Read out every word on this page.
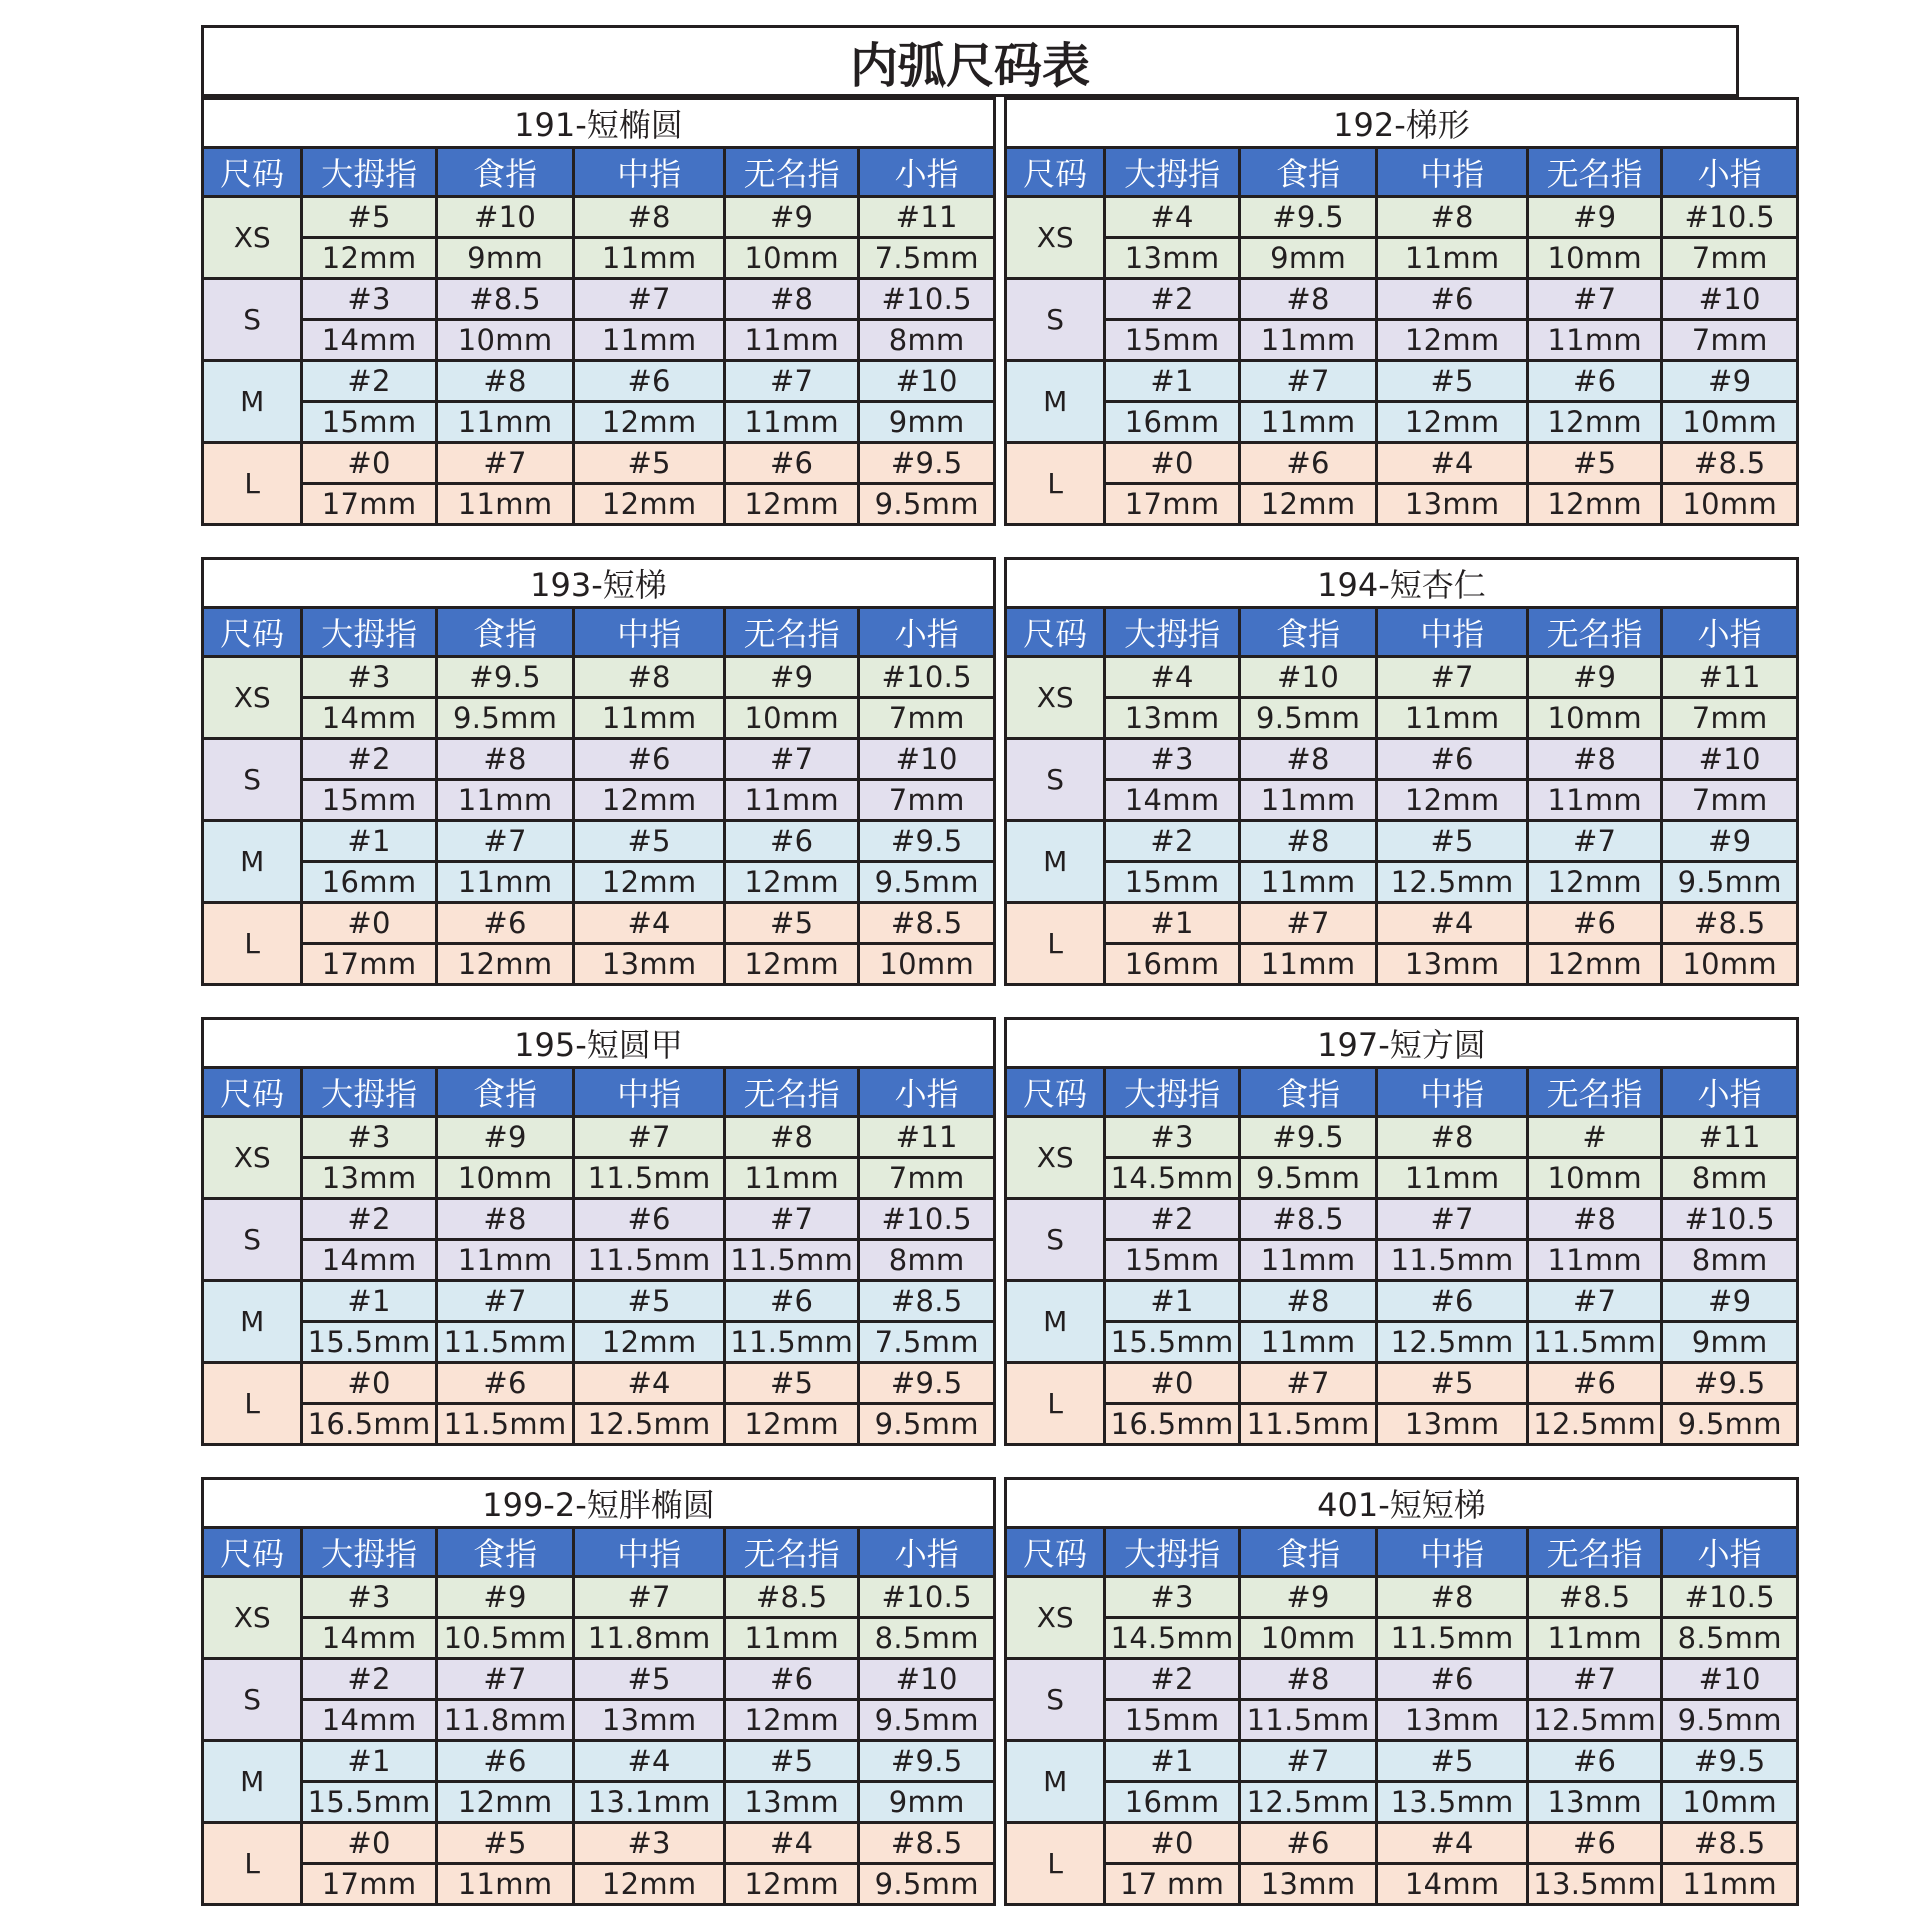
内弧尺码表
191-短椭圆					
尺码	大拇指	食指	中指	无名指	小指
XS	#5	#10	#8	#9	#11
	12mm	9mm	11mm	10mm	7.5mm
S	#3	#8.5	#7	#8	#10.5
	14mm	10mm	11mm	11mm	8mm
M	#2	#8	#6	#7	#10
	15mm	11mm	12mm	11mm	9mm
L	#0	#7	#5	#6	#9.5
	17mm	11mm	12mm	12mm	9.5mm
192-梯形					
尺码	大拇指	食指	中指	无名指	小指
XS	#4	#9.5	#8	#9	#10.5
	13mm	9mm	11mm	10mm	7mm
S	#2	#8	#6	#7	#10
	15mm	11mm	12mm	11mm	7mm
M	#1	#7	#5	#6	#9
	16mm	11mm	12mm	12mm	10mm
L	#0	#6	#4	#5	#8.5
	17mm	12mm	13mm	12mm	10mm
193-短梯					
尺码	大拇指	食指	中指	无名指	小指
XS	#3	#9.5	#8	#9	#10.5
	14mm	9.5mm	11mm	10mm	7mm
S	#2	#8	#6	#7	#10
	15mm	11mm	12mm	11mm	7mm
M	#1	#7	#5	#6	#9.5
	16mm	11mm	12mm	12mm	9.5mm
L	#0	#6	#4	#5	#8.5
	17mm	12mm	13mm	12mm	10mm
194-短杏仁					
尺码	大拇指	食指	中指	无名指	小指
XS	#4	#10	#7	#9	#11
	13mm	9.5mm	11mm	10mm	7mm
S	#3	#8	#6	#8	#10
	14mm	11mm	12mm	11mm	7mm
M	#2	#8	#5	#7	#9
	15mm	11mm	12.5mm	12mm	9.5mm
L	#1	#7	#4	#6	#8.5
	16mm	11mm	13mm	12mm	10mm
195-短圆甲					
尺码	大拇指	食指	中指	无名指	小指
XS	#3	#9	#7	#8	#11
	13mm	10mm	11.5mm	11mm	7mm
S	#2	#8	#6	#7	#10.5
	14mm	11mm	11.5mm	11.5mm	8mm
M	#1	#7	#5	#6	#8.5
	15.5mm	11.5mm	12mm	11.5mm	7.5mm
L	#0	#6	#4	#5	#9.5
	16.5mm	11.5mm	12.5mm	12mm	9.5mm
197-短方圆					
尺码	大拇指	食指	中指	无名指	小指
XS	#3	#9.5	#8	#	#11
	14.5mm	9.5mm	11mm	10mm	8mm
S	#2	#8.5	#7	#8	#10.5
	15mm	11mm	11.5mm	11mm	8mm
M	#1	#8	#6	#7	#9
	15.5mm	11mm	12.5mm	11.5mm	9mm
L	#0	#7	#5	#6	#9.5
	16.5mm	11.5mm	13mm	12.5mm	9.5mm
199-2-短胖椭圆					
尺码	大拇指	食指	中指	无名指	小指
XS	#3	#9	#7	#8.5	#10.5
	14mm	10.5mm	11.8mm	11mm	8.5mm
S	#2	#7	#5	#6	#10
	14mm	11.8mm	13mm	12mm	9.5mm
M	#1	#6	#4	#5	#9.5
	15.5mm	12mm	13.1mm	13mm	9mm
L	#0	#5	#3	#4	#8.5
	17mm	11mm	12mm	12mm	9.5mm
401-短短梯					
尺码	大拇指	食指	中指	无名指	小指
XS	#3	#9	#8	#8.5	#10.5
	14.5mm	10mm	11.5mm	11mm	8.5mm
S	#2	#8	#6	#7	#10
	15mm	11.5mm	13mm	12.5mm	9.5mm
M	#1	#7	#5	#6	#9.5
	16mm	12.5mm	13.5mm	13mm	10mm
L	#0	#6	#4	#6	#8.5
	17 mm	13mm	14mm	13.5mm	11mm
